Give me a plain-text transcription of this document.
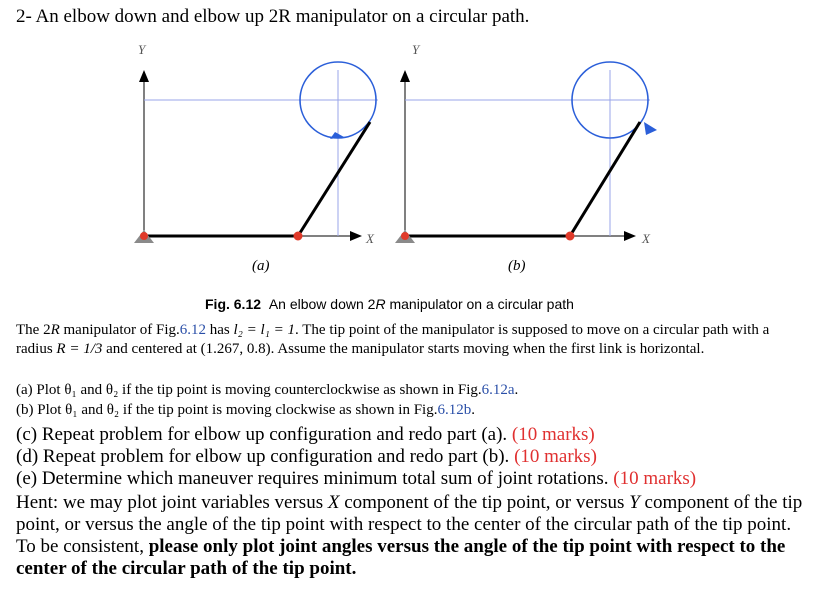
2- An elbow down and elbow up 2R manipulator on a circular path.
Y
X
Y
X
(a)	(b)
Fig. 6.12 An elbow down 2R manipulator on a circular path
The 2R manipulator of Fig.6.12 has l₂ = l₁ = 1. The tip point of the manipulator is supposed to move on a circular path with a radius R = 1/3 and centered at (1.267, 0.8). Assume the manipulator starts moving when the first link is horizontal.
(a) Plot θ₁ and θ₂ if the tip point is moving counterclockwise as shown in Fig.6.12a.
(b) Plot θ₁ and θ₂ if the tip point is moving clockwise as shown in Fig.6.12b.
(c) Repeat problem for elbow up configuration and redo part (a). (10 marks)
(d) Repeat problem for elbow up configuration and redo part (b). (10 marks)
(e) Determine which maneuver requires minimum total sum of joint rotations. (10 marks)
Hent: we may plot joint variables versus X component of the tip point, or versus Y component of the tip point, or versus the angle of the tip point with respect to the center of the circular path of the tip point. To be consistent, please only plot joint angles versus the angle of the tip point with respect to the center of the circular path of the tip point.
